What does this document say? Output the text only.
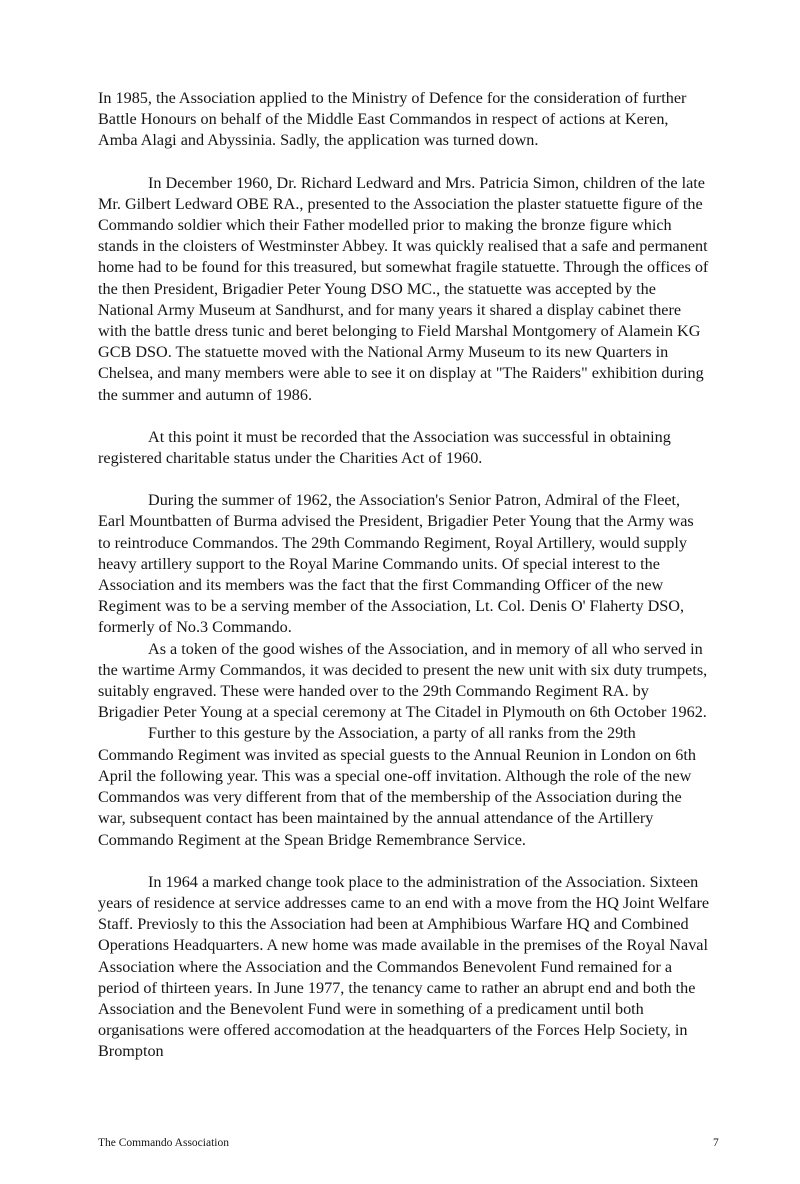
In 1985, the Association applied to the Ministry of Defence for the consideration of further Battle Honours on behalf of the Middle East Commandos in respect of actions at Keren, Amba Alagi and Abyssinia. Sadly, the application was turned down.

In December 1960, Dr. Richard Ledward and Mrs. Patricia Simon, children of the late Mr. Gilbert Ledward OBE RA., presented to the Association the plaster statuette figure of the Commando soldier which their Father modelled prior to making the bronze figure which stands in the cloisters of Westminster Abbey. It was quickly realised that a safe and permanent home had to be found for this treasured, but somewhat fragile statuette. Through the offices of the then President, Brigadier Peter Young DSO MC., the statuette was accepted by the National Army Museum at Sandhurst, and for many years it shared a display cabinet there with the battle dress tunic and beret belonging to Field Marshal Montgomery of Alamein KG GCB DSO. The statuette moved with the National Army Museum to its new Quarters in Chelsea, and many members were able to see it on display at "The Raiders" exhibition during the summer and autumn of 1986.

At this point it must be recorded that the Association was successful in obtaining registered charitable status under the Charities Act of 1960.

During the summer of 1962, the Association's Senior Patron, Admiral of the Fleet, Earl Mountbatten of Burma advised the President, Brigadier Peter Young that the Army was to reintroduce Commandos. The 29th Commando Regiment, Royal Artillery, would supply heavy artillery support to the Royal Marine Commando units. Of special interest to the Association and its members was the fact that the first Commanding Officer of the new Regiment was to be a serving member of the Association, Lt. Col. Denis O' Flaherty DSO, formerly of No.3 Commando.

As a token of the good wishes of the Association, and in memory of all who served in the wartime Army Commandos, it was decided to present the new unit with six duty trumpets, suitably engraved. These were handed over to the 29th Commando Regiment RA. by Brigadier Peter Young at a special ceremony at The Citadel in Plymouth on 6th October 1962.

Further to this gesture by the Association, a party of all ranks from the 29th Commando Regiment was invited as special guests to the Annual Reunion in London on 6th April the following year. This was a special one-off invitation. Although the role of the new Commandos was very different from that of the membership of the Association during the war, subsequent contact has been maintained by the annual attendance of the Artillery Commando Regiment at the Spean Bridge Remembrance Service.

In 1964 a marked change took place to the administration of the Association. Sixteen years of residence at service addresses came to an end with a move from the HQ Joint Welfare Staff. Previosly to this the Association had been at Amphibious Warfare HQ and Combined Operations Headquarters. A new home was made available in the premises of the Royal Naval Association where the Association and the Commandos Benevolent Fund remained for a period of thirteen years. In June 1977, the tenancy came to rather an abrupt end and both the Association and the Benevolent Fund were in something of a predicament until both organisations were offered accomodation at the headquarters of the Forces Help Society, in Brompton

The Commando Association	7
